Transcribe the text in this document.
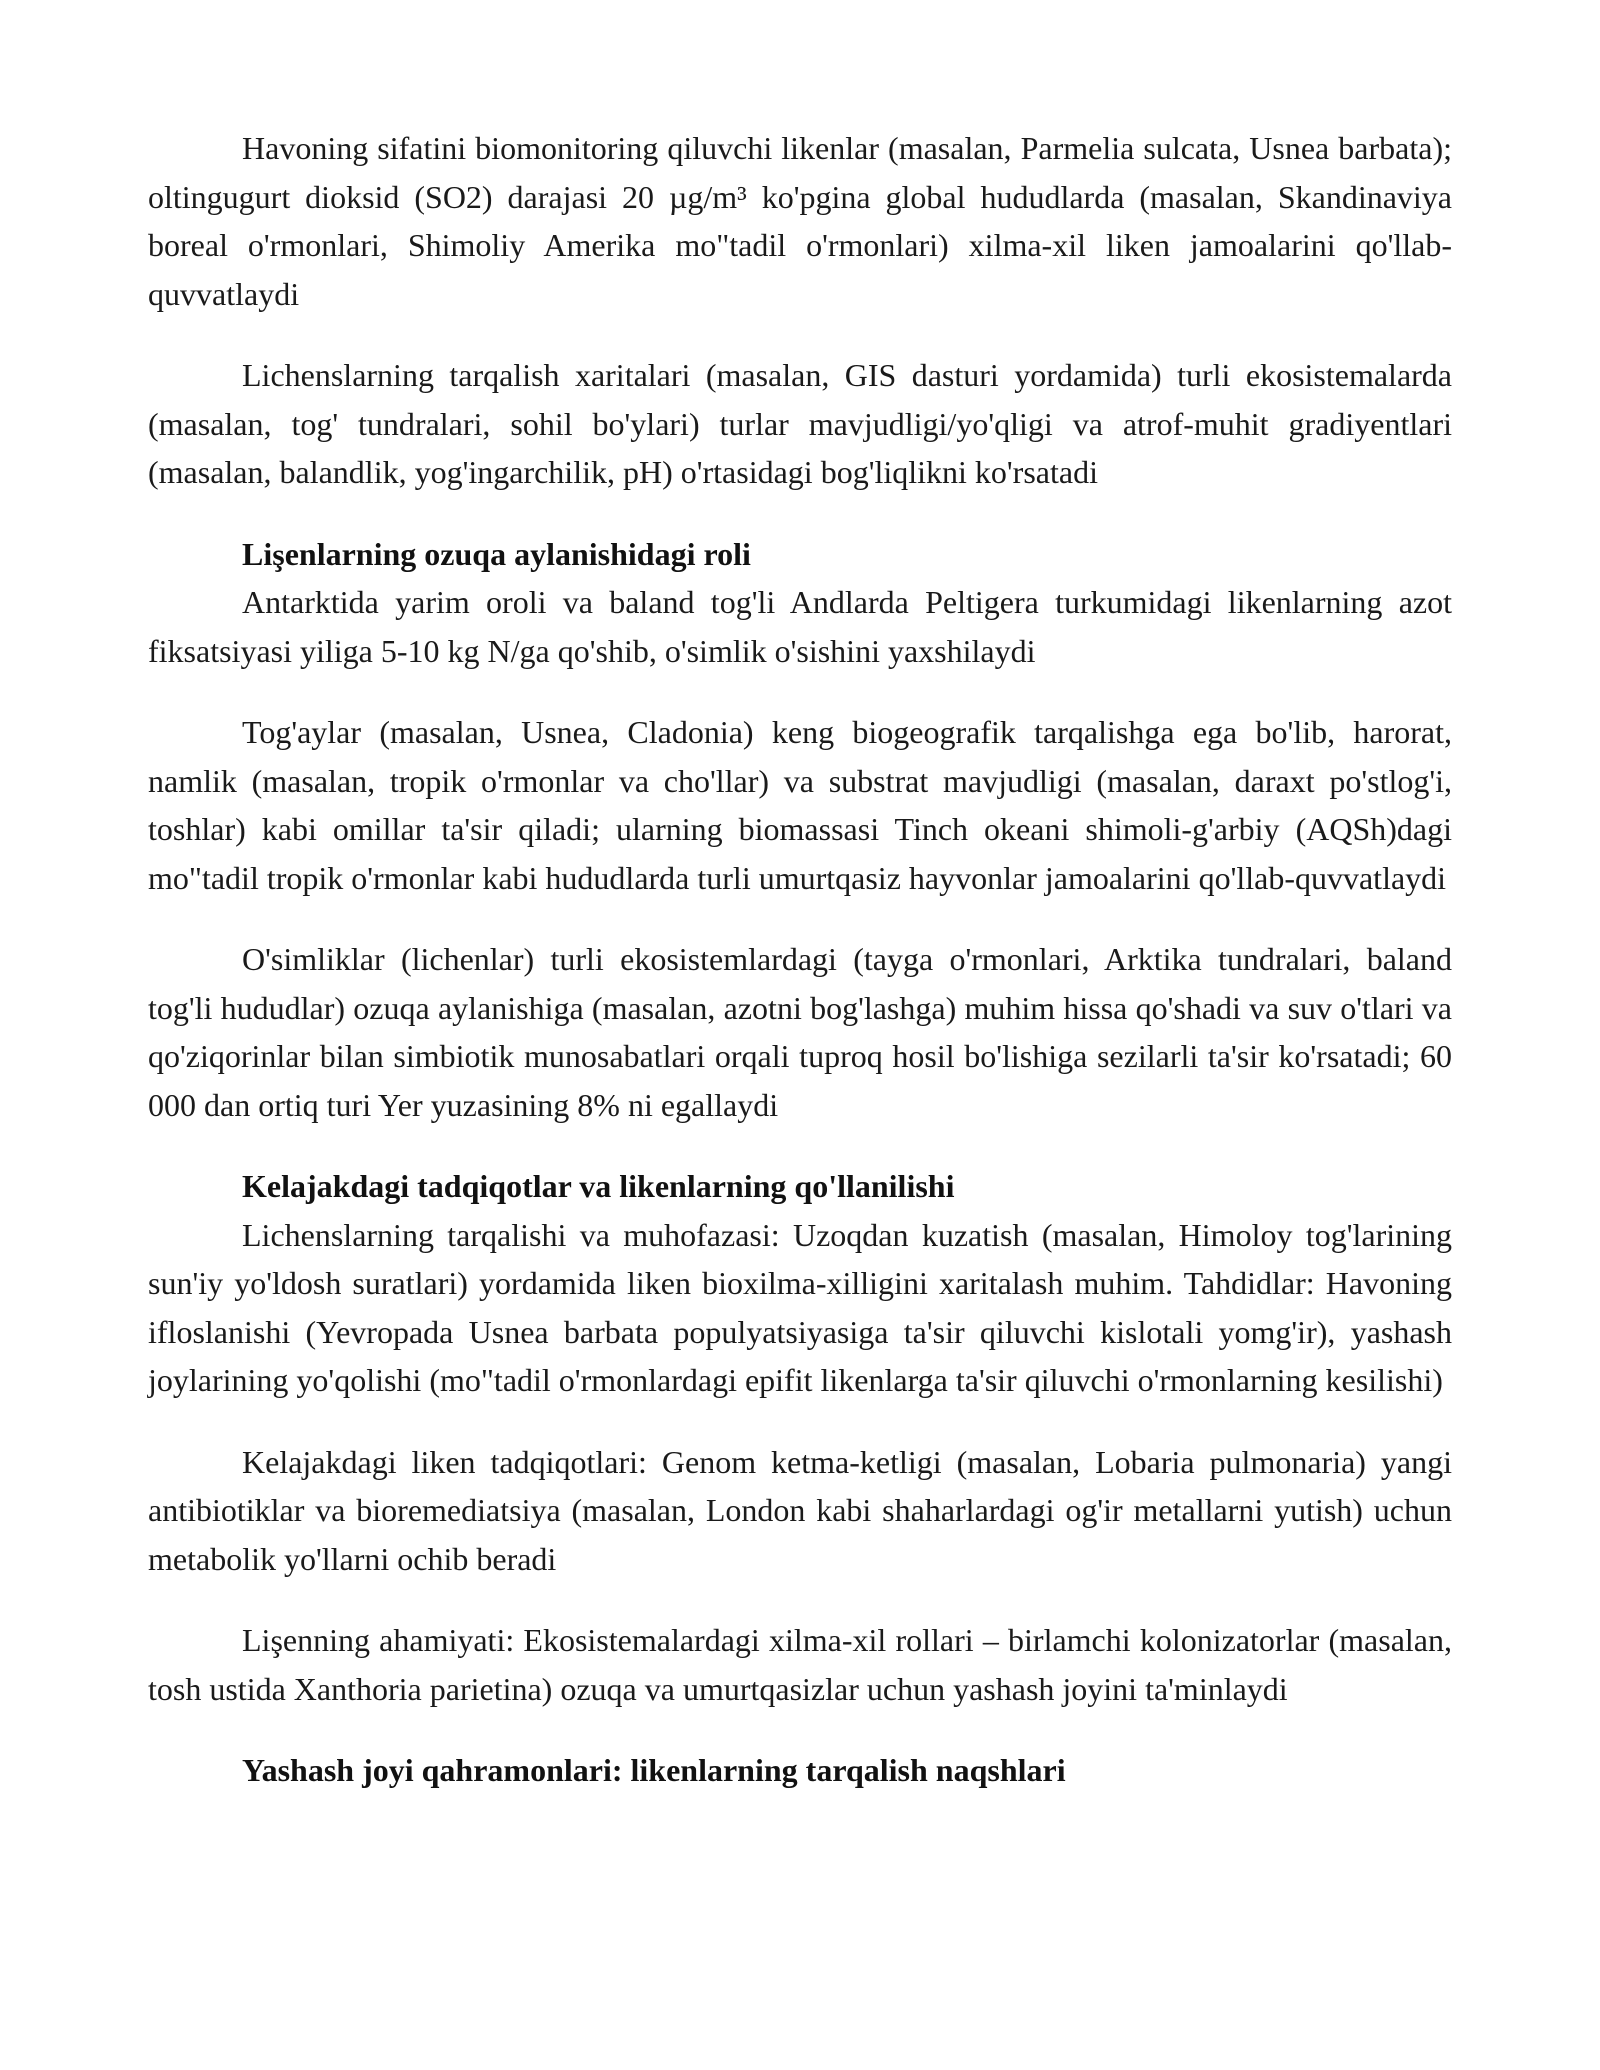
Havoning sifatini biomonitoring qiluvchi likenlar (masalan, Parmelia sulcata, Usnea barbata); oltingugurt dioksid (SO2) darajasi 20 µg/m³ ko'pgina global hududlarda (masalan, Skandinaviya boreal o'rmonlari, Shimoliy Amerika mo"tadil o'rmonlari) xilma-xil liken jamoalarini qo'llab-quvvatlaydi

Lichenslarning tarqalish xaritalari (masalan, GIS dasturi yordamida) turli ekosistemalarda (masalan, tog' tundralari, sohil bo'ylari) turlar mavjudligi/yo'qligi va atrof-muhit gradiyentlari (masalan, balandlik, yog'ingarchilik, pH) o'rtasidagi bog'liqlikni ko'rsatadi

Lişenlarning ozuqa aylanishidagi roli

Antarktida yarim oroli va baland tog'li Andlarda Peltigera turkumidagi likenlarning azot fiksatsiyasi yiliga 5-10 kg N/ga qo'shib, o'simlik o'sishini yaxshilaydi

Tog'aylar (masalan, Usnea, Cladonia) keng biogeografik tarqalishga ega bo'lib, harorat, namlik (masalan, tropik o'rmonlar va cho'llar) va substrat mavjudligi (masalan, daraxt po'stlog'i, toshlar) kabi omillar ta'sir qiladi; ularning biomassasi Tinch okeani shimoli-g'arbiy (AQSh)dagi mo"tadil tropik o'rmonlar kabi hududlarda turli umurtqasiz hayvonlar jamoalarini qo'llab-quvvatlaydi

O'simliklar (lichenlar) turli ekosistemlardagi (tayga o'rmonlari, Arktika tundralari, baland tog'li hududlar) ozuqa aylanishiga (masalan, azotni bog'lashga) muhim hissa qo'shadi va suv o'tlari va qo'ziqorinlar bilan simbiotik munosabatlari orqali tuproq hosil bo'lishiga sezilarli ta'sir ko'rsatadi; 60 000 dan ortiq turi Yer yuzasining 8% ni egallaydi

Kelajakdagi tadqiqotlar va likenlarning qo'llanilishi

Lichenslarning tarqalishi va muhofazasi: Uzoqdan kuzatish (masalan, Himoloy tog'larining sun'iy yo'ldosh suratlari) yordamida liken bioxilma-xilligini xaritalash muhim. Tahdidlar: Havoning ifloslanishi (Yevropada Usnea barbata populyatsiyasiga ta'sir qiluvchi kislotali yomg'ir), yashash joylarining yo'qolishi (mo"tadil o'rmonlardagi epifit likenlarga ta'sir qiluvchi o'rmonlarning kesilishi)

Kelajakdagi liken tadqiqotlari: Genom ketma-ketligi (masalan, Lobaria pulmonaria) yangi antibiotiklar va bioremediatsiya (masalan, London kabi shaharlardagi og'ir metallarni yutish) uchun metabolik yo'llarni ochib beradi

Lişenning ahamiyati: Ekosistemalardagi xilma-xil rollari – birlamchi kolonizatorlar (masalan, tosh ustida Xanthoria parietina) ozuqa va umurtqasizlar uchun yashash joyini ta'minlaydi

Yashash joyi qahramonlari: likenlarning tarqalish naqshlari
